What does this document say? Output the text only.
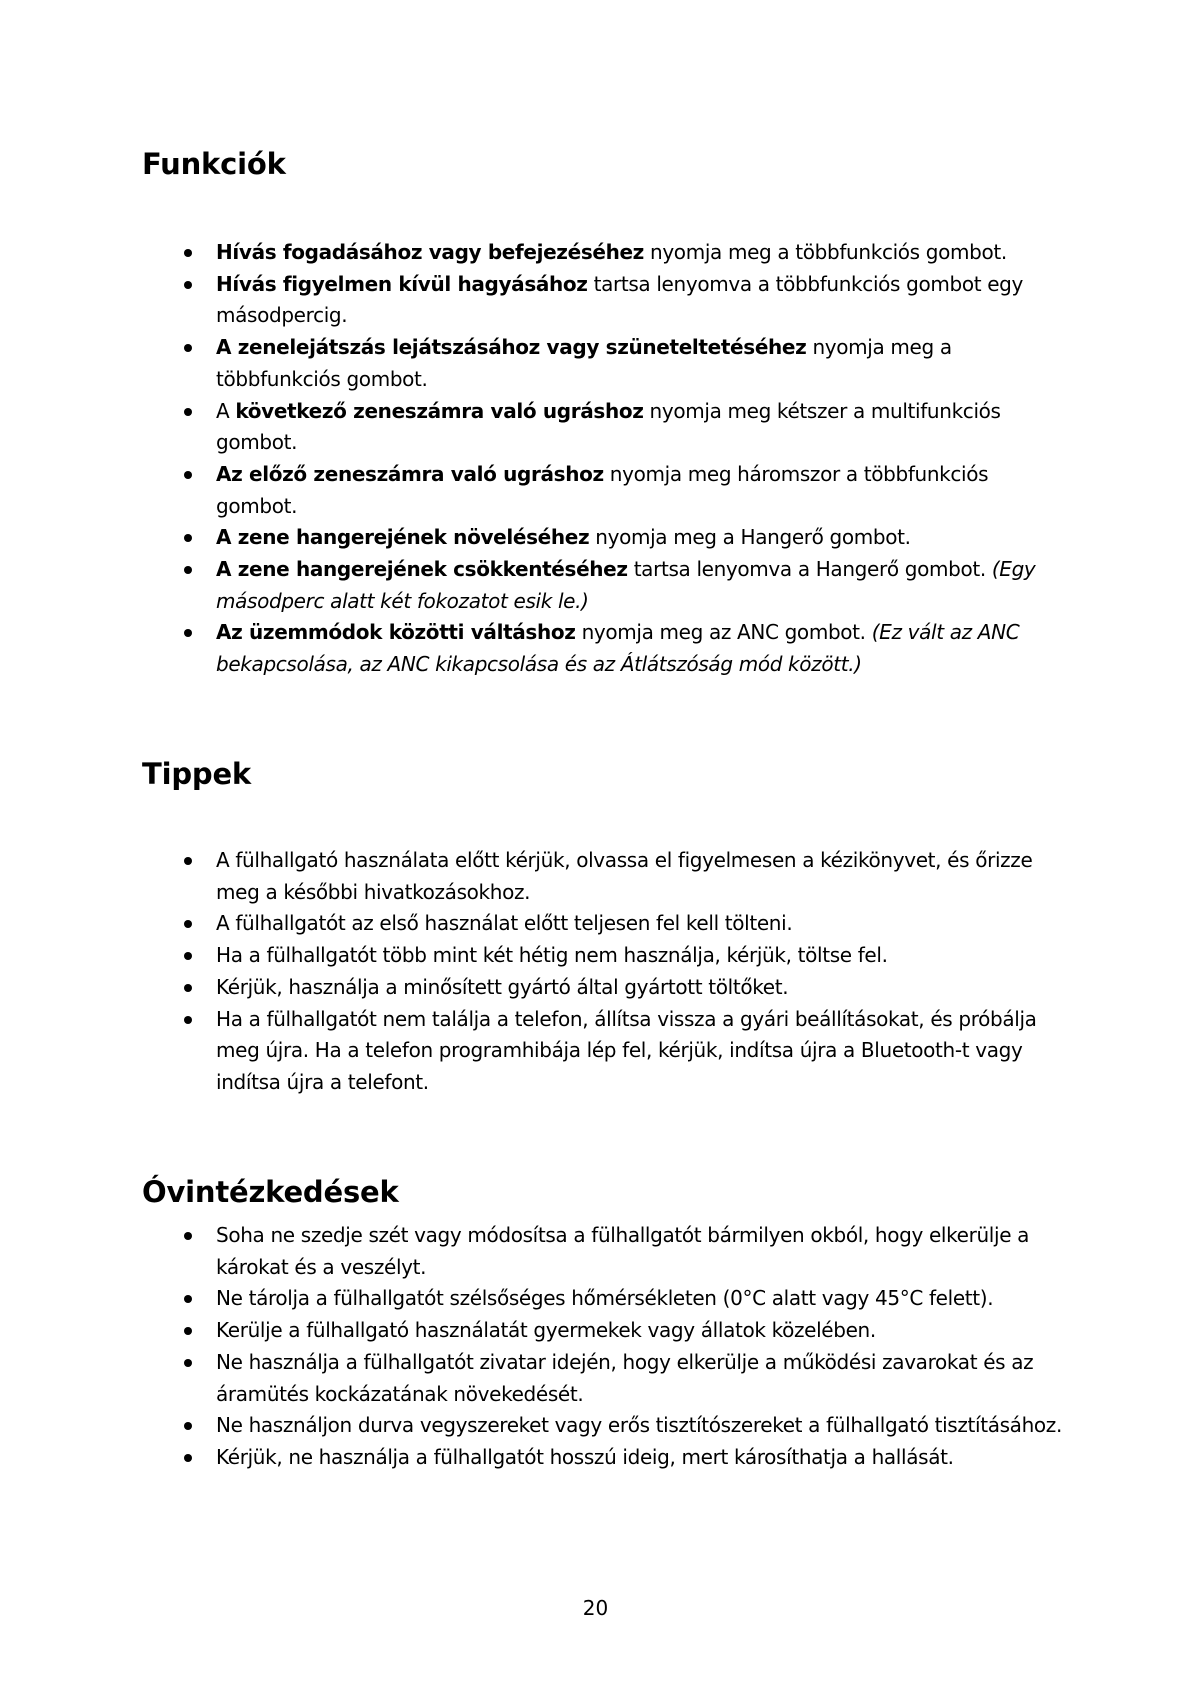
Funkciók
Hívás fogadásához vagy befejezéséhez nyomja meg a többfunkciós gombot.
Hívás figyelmen kívül hagyásához tartsa lenyomva a többfunkciós gombot egy másodpercig.
A zenelejátszás lejátszásához vagy szüneteltetéséhez nyomja meg a többfunkciós gombot.
A következő zeneszámra való ugráshoz nyomja meg kétszer a multifunkciós gombot.
Az előző zeneszámra való ugráshoz nyomja meg háromszor a többfunkciós gombot.
A zene hangerejének növeléséhez nyomja meg a Hangerő gombot.
A zene hangerejének csökkentéséhez tartsa lenyomva a Hangerő gombot. (Egy másodperc alatt két fokozatot esik le.)
Az üzemmódok közötti váltáshoz nyomja meg az ANC gombot. (Ez vált az ANC bekapcsolása, az ANC kikapcsolása és az Átlátszóság mód között.)
Tippek
A fülhallgató használata előtt kérjük, olvassa el figyelmesen a kézikönyvet, és őrizze meg a későbbi hivatkozásokhoz.
A fülhallgatót az első használat előtt teljesen fel kell tölteni.
Ha a fülhallgatót több mint két hétig nem használja, kérjük, töltse fel.
Kérjük, használja a minősített gyártó által gyártott töltőket.
Ha a fülhallgatót nem találja a telefon, állítsa vissza a gyári beállításokat, és próbálja meg újra. Ha a telefon programhibája lép fel, kérjük, indítsa újra a Bluetooth-t vagy indítsa újra a telefont.
Óvintézkedések
Soha ne szedje szét vagy módosítsa a fülhallgatót bármilyen okból, hogy elkerülje a károkat és a veszélyt.
Ne tárolja a fülhallgatót szélsőséges hőmérsékleten (0°C alatt vagy 45°C felett).
Kerülje a fülhallgató használatát gyermekek vagy állatok közelében.
Ne használja a fülhallgatót zivatar idején, hogy elkerülje a működési zavarokat és az áramütés kockázatának növekedését.
Ne használjon durva vegyszereket vagy erős tisztítószereket a fülhallgató tisztításához.
Kérjük, ne használja a fülhallgatót hosszú ideig, mert károsíthatja a hallását.
20
